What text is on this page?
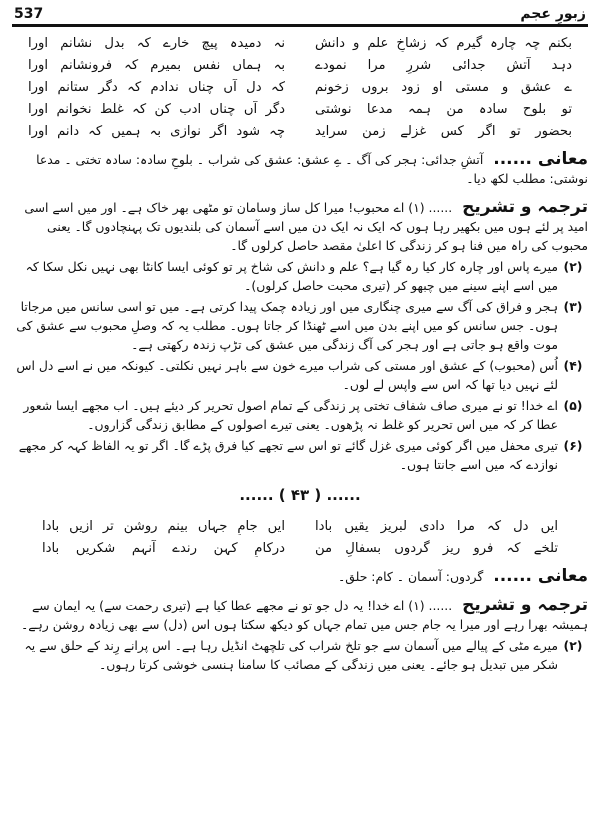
زبورِ عجم
537
بکنم چہ چارہ گیرم کہ زشاخِ علم و دانش
نہ دمیدہ پیچ خارے کہ بدل نشانم اورا
دہد آتش جدائی شررِ مرا نمودے
بہ ہماں نفس بمیرم کہ فرونشانم اورا
ے عشق و مستی او زود بروں زخونم
کہ دل آں چناں ندادم کہ دگر ستانم اورا
تو بلوح سادہ من ہمہ مدعا نوشتی
دگر آں چناں ادب کن کہ غلط نخوانم اورا
بحضور تو اگر کس غزلے زمن سراید
چہ شود اگر نوازی بہ ہمیں کہ دانم اورا
معانی ...... آتشِ جدائی: ہجر کی آگ ۔ ےِ عشق: عشق کی شراب ۔ بلوحِ سادہ: سادہ تختی ۔ مدعا نوشتی: مطلب لکھ دیا۔
ترجمہ و تشریح ...... (۱) اے محبوب! میرا کل ساز وسامان تو مٹھی بھر خاک ہے۔ اور میں اسے اسی امید پر لئے ہوں میں بکھیر رہا ہوں کہ ایک نہ ایک دن میں اسے آسمان کی بلندیوں تک پہنچادوں گا۔ یعنی محبوب کی راہ میں فنا ہو کر زندگی کا اعلیٰ مقصد حاصل کرلوں گا۔
(۲)
میرے پاس اور چارہ کار کیا رہ گیا ہے؟ علم و دانش کی شاخ پر تو کوئی ایسا کانٹا بھی نہیں نکل سکا کہ میں اسے اپنے سینے میں چبھو کر (تیری محبت حاصل کرلوں)۔
(۳)
ہجر و فراق کی آگ سے میری چنگاری میں اور زیادہ چمک پیدا کرتی ہے۔ میں تو اسی سانس میں مرجاتا ہوں۔ جس سانس کو میں اپنے بدن میں اسے ٹھنڈا کر جاتا ہوں۔ مطلب یہ کہ وصلِ محبوب سے عشق کی موت واقع ہو جاتی ہے اور ہجر کی آگ زندگی میں عشق کی تڑپ زندہ رکھتی ہے۔
(۴)
اُس (محبوب) کے عشق اور مستی کی شراب میرے خون سے باہر نہیں نکلتی۔ کیونکہ میں نے اسے دل اس لئے نہیں دیا تھا کہ اس سے واپس لے لوں۔
(۵)
اے خدا! تو نے میری صاف شفاف تختی پر زندگی کے تمام اصول تحریر کر دیئے ہیں۔ اب مجھے ایسا شعور عطا کر کہ میں اس تحریر کو غلط نہ پڑھوں۔ یعنی تیرے اصولوں کے مطابق زندگی گزاروں۔
(۶)
تیری محفل میں اگر کوئی میری غزل گائے تو اس سے تجھے کیا فرق پڑے گا۔ اگر تو یہ الفاظ کہہ کر مجھے نوازدے کہ میں اسے جانتا ہوں۔
...... ( ۴۳ ) ......
ایں دل کہ مرا دادی لبریز یقیں بادا
ایں جامِ جہاں بینم روشن تر ازیں بادا
تلخے کہ فرو ریز گردوں بسفالِ من
درکامِ کہن رندے آنہم شکریں بادا
معانی ...... گردوں: آسمان ۔ کام: حلق۔
ترجمہ و تشریح ...... (۱) اے خدا! یہ دل جو تو نے مجھے عطا کیا ہے (تیری رحمت سے) یہ ایمان سے ہمیشہ بھرا رہے اور میرا یہ جام جس میں تمام جہاں کو دیکھ سکتا ہوں اس (دل) سے بھی زیادہ روشن رہے۔
(۲)
میرے مٹی کے پیالے میں آسمان سے جو تلخ شراب کی تلچھٹ انڈیل رہا ہے۔ اس پرانے رِند کے حلق سے یہ شکر میں تبدیل ہو جائے۔ یعنی میں زندگی کے مصائب کا سامنا ہنسی خوشی کرتا رہوں۔
